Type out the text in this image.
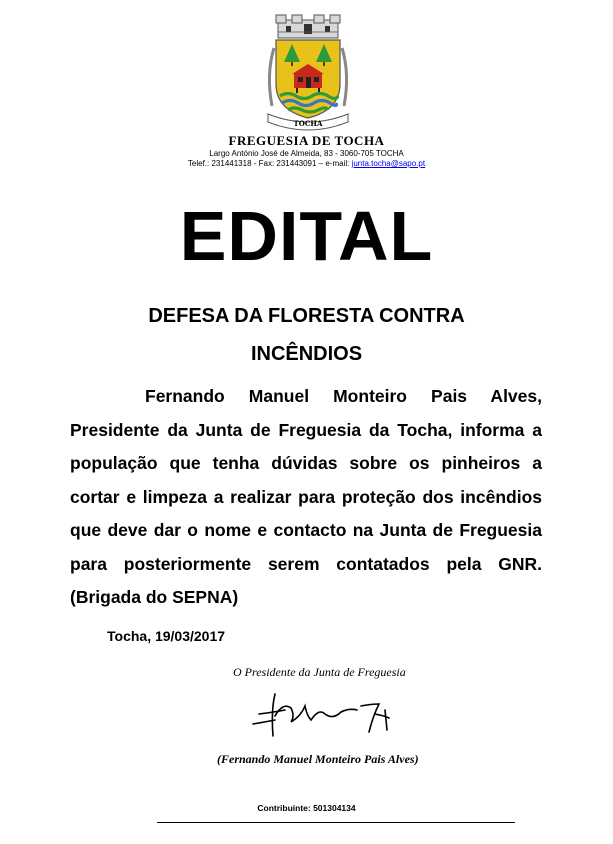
TOCHA
FREGUESIA DE TOCHA
Largo António José de Almeida, 83 - 3060-705 TOCHA
Telef.: 231441318 - Fax: 231443091 – e-mail: junta.tocha@sapo.pt
EDITAL
DEFESA DA FLORESTA CONTRA
INCÊNDIOS
Fernando Manuel Monteiro Pais Alves, Presidente da Junta de Freguesia da Tocha, informa a população que tenha dúvidas sobre os pinheiros a cortar e limpeza a realizar para proteção dos incêndios que deve dar o nome e contacto na Junta de Freguesia para posteriormente serem contatados pela GNR.(Brigada do SEPNA)
Tocha, 19/03/2017
O Presidente da Junta de Freguesia
(Fernando Manuel Monteiro Pais Alves)
Contribuinte: 501304134
